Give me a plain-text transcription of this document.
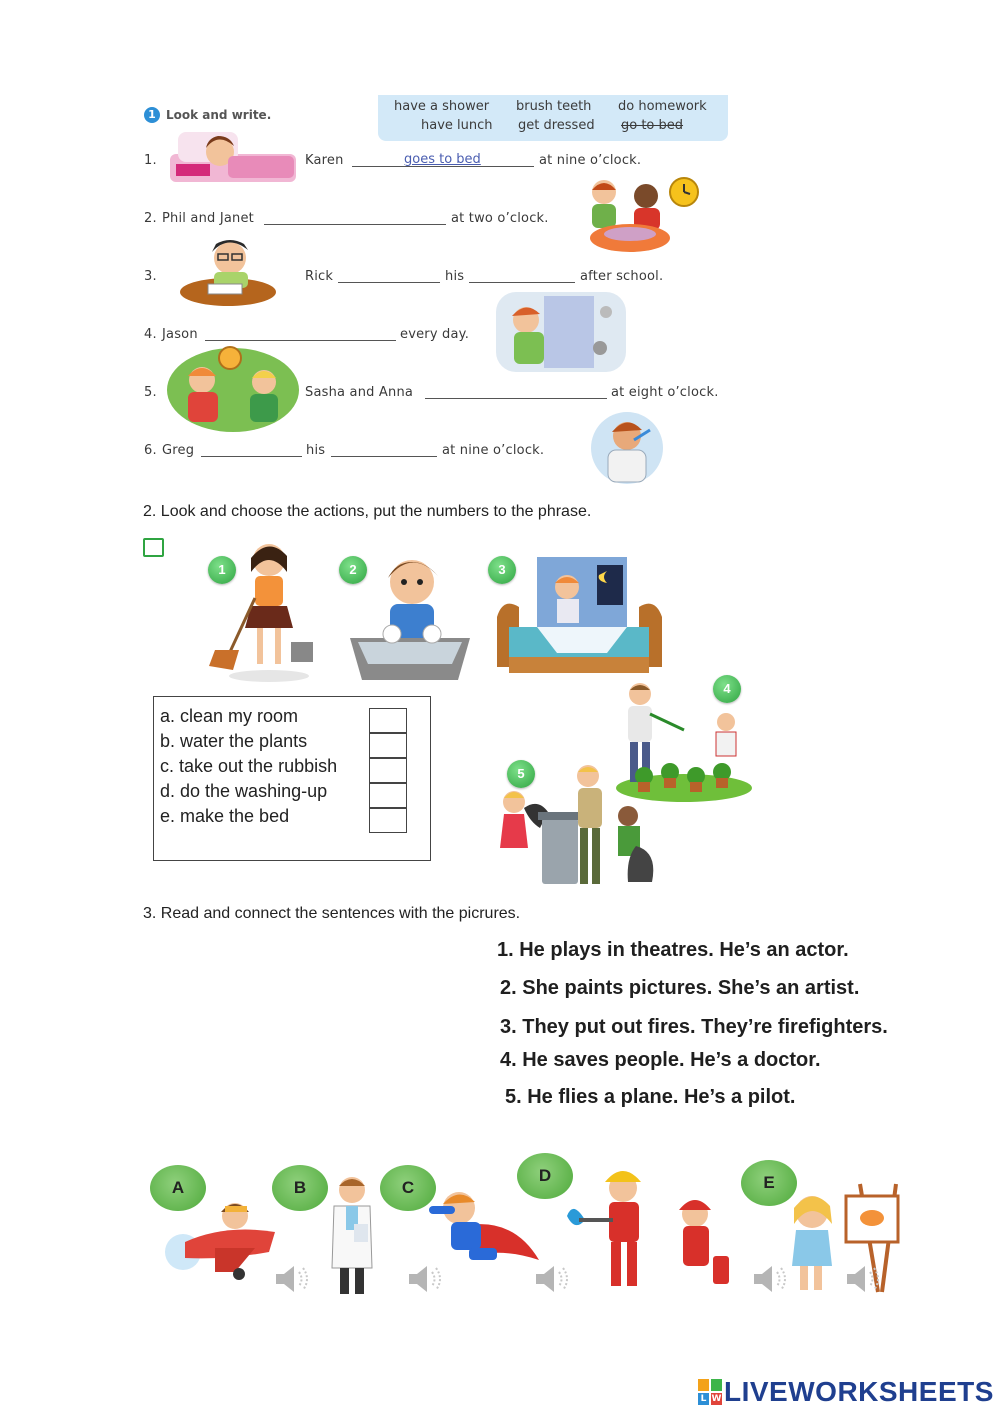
1 Look and write.
have a shower brush teeth do homework
have lunch get dressed go to bed
1.	Karen	goes to bed	at nine o’clock.
2. Phil and Janet	at two o’clock.
3.	Rick	his	after school.
4. Jason	every day.
5.	Sasha and Anna	at eight o’clock.
6. Greg	his	at nine o’clock.
2. Look and choose the actions, put the numbers to the phrase.
1	2	3
a. clean my room
b. water the plants
c. take out the rubbish
d. do the washing-up
e. make the bed
4
5
3. Read and connect the sentences with the picrures.
1. He plays in theatres. He’s an actor.
2. She paints pictures. She’s an artist.
3. They put out fires. They’re firefighters.
4. He saves people. He’s a doctor.
5. He flies a plane. He’s a pilot.
A	B	C
D	E
L W LIVEWORKSHEETS
